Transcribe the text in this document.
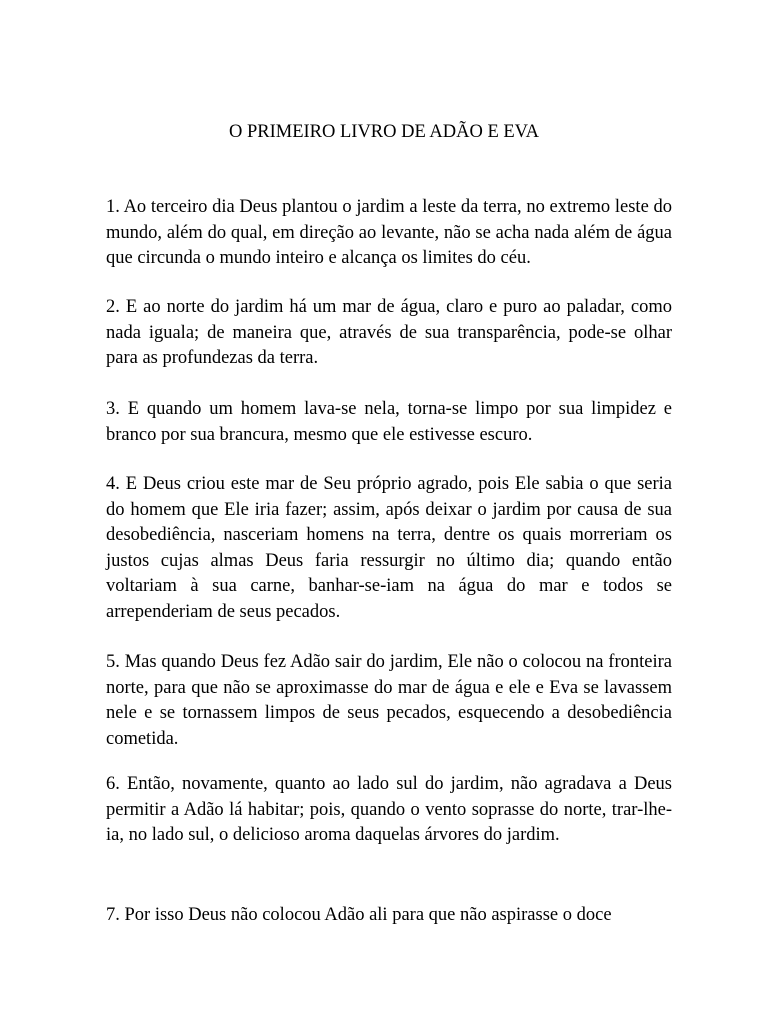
O PRIMEIRO LIVRO DE ADÃO E EVA

1. Ao terceiro dia Deus plantou o jardim a leste da terra, no extremo leste do mundo, além do qual, em direção ao levante, não se acha nada além de água que circunda o mundo inteiro e alcança os limites do céu.

2. E ao norte do jardim há um mar de água, claro e puro ao paladar, como nada iguala; de maneira que, através de sua transparência, pode-se olhar para as profundezas da terra.

3. E quando um homem lava-se nela, torna-se limpo por sua limpidez e branco por sua brancura, mesmo que ele estivesse escuro.

4. E Deus criou este mar de Seu próprio agrado, pois Ele sabia o que seria do homem que Ele iria fazer; assim, após deixar o jardim por causa de sua desobediência, nasceriam homens na terra, dentre os quais morreriam os justos cujas almas Deus faria ressurgir no último dia; quando então voltariam à sua carne, banhar-se-iam na água do mar e todos se arrependeriam de seus pecados.

5. Mas quando Deus fez Adão sair do jardim, Ele não o colocou na fronteira norte, para que não se aproximasse do mar de água e ele e Eva se lavassem nele e se tornassem limpos de seus pecados, esquecendo a desobediência cometida.

6. Então, novamente, quanto ao lado sul do jardim, não agradava a Deus permitir a Adão lá habitar; pois, quando o vento soprasse do norte, trar-lhe-ia, no lado sul, o delicioso aroma daquelas árvores do jardim.

7. Por isso Deus não colocou Adão ali para que não aspirasse o doce
